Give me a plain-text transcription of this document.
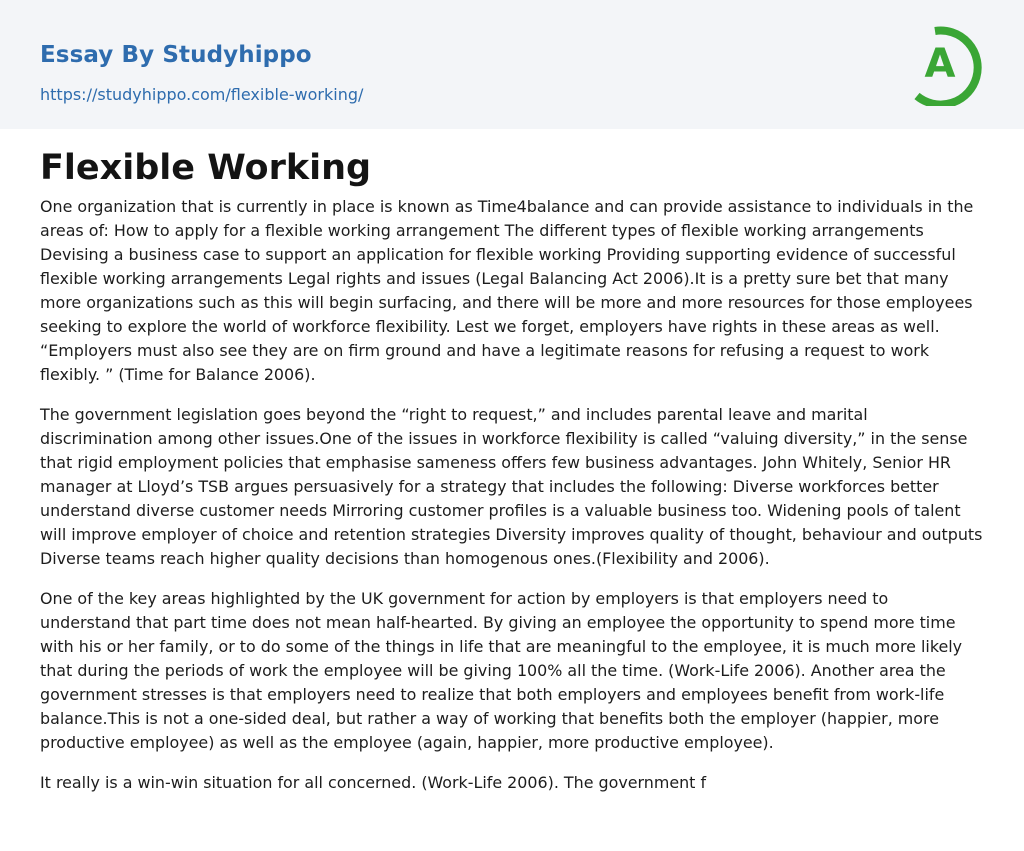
Essay By Studyhippo
https://studyhippo.com/flexible-working/
A
Flexible Working

One organization that is currently in place is known as Time4balance and can provide assistance to individuals in the areas of: How to apply for a flexible working arrangement The different types of flexible working arrangements Devising a business case to support an application for flexible working Providing supporting evidence of successful flexible working arrangements Legal rights and issues (Legal Balancing Act 2006).It is a pretty sure bet that many more organizations such as this will begin surfacing, and there will be more and more resources for those employees seeking to explore the world of workforce flexibility. Lest we forget, employers have rights in these areas as well. “Employers must also see they are on firm ground and have a legitimate reasons for refusing a request to work flexibly. ” (Time for Balance 2006).

The government legislation goes beyond the “right to request,” and includes parental leave and marital discrimination among other issues.One of the issues in workforce flexibility is called “valuing diversity,” in the sense that rigid employment policies that emphasise sameness offers few business advantages. John Whitely, Senior HR manager at Lloyd’s TSB argues persuasively for a strategy that includes the following: Diverse workforces better understand diverse customer needs Mirroring customer profiles is a valuable business too. Widening pools of talent will improve employer of choice and retention strategies Diversity improves quality of thought, behaviour and outputs Diverse teams reach higher quality decisions than homogenous ones.(Flexibility and 2006).

One of the key areas highlighted by the UK government for action by employers is that employers need to understand that part time does not mean half-hearted. By giving an employee the opportunity to spend more time with his or her family, or to do some of the things in life that are meaningful to the employee, it is much more likely that during the periods of work the employee will be giving 100% all the time. (Work-Life 2006). Another area the government stresses is that employers need to realize that both employers and employees benefit from work-life balance.This is not a one-sided deal, but rather a way of working that benefits both the employer (happier, more productive employee) as well as the employee (again, happier, more productive employee).

It really is a win-win situation for all concerned. (Work-Life 2006). The government f
